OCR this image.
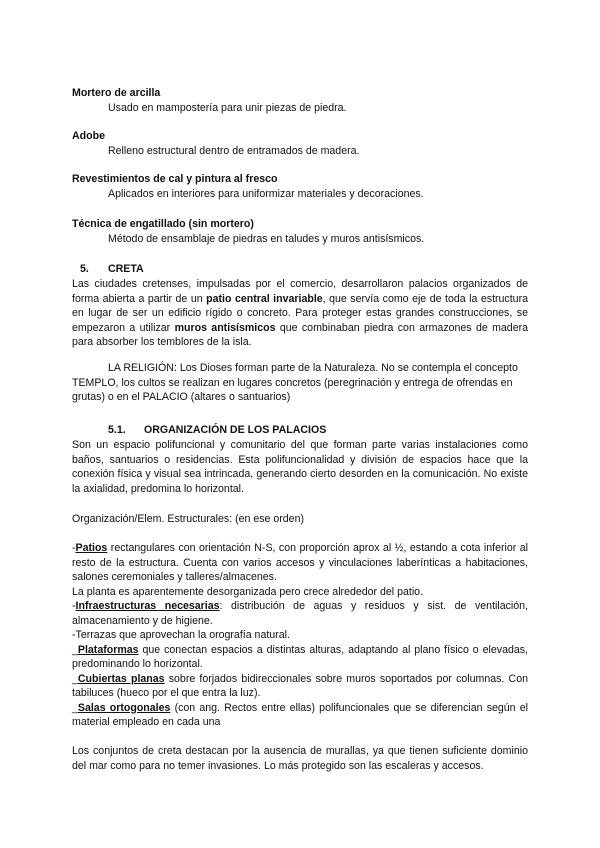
Mortero de arcilla
Usado en mampostería para unir piezas de piedra.
Adobe
Relleno estructural dentro de entramados de madera.
Revestimientos de cal y pintura al fresco
Aplicados en interiores para uniformizar materiales y decoraciones.
Técnica de engatillado (sin mortero)
Método de ensamblaje de piedras en taludes y muros antisísmicos.
5. CRETA

Las ciudades cretenses, impulsadas por el comercio, desarrollaron palacios organizados de forma abierta a partir de un patio central invariable, que servía como eje de toda la estructura en lugar de ser un edificio rígido o concreto. Para proteger estas grandes construcciones, se empezaron a utilizar muros antisísmicos que combinaban piedra con armazones de madera para absorber los temblores de la isla.

LA RELIGIÓN: Los Dioses forman parte de la Naturaleza. No se contempla el concepto TEMPLO, los cultos se realizan en lugares concretos (peregrinación y entrega de ofrendas en grutas) o en el PALACIO (altares o santuarios)
5.1. ORGANIZACIÓN DE LOS PALACIOS
Son un espacio polifuncional y comunitario del que forman parte varias instalaciones como baños, santuarios o residencias. Esta polifuncionalidad y división de espacios hace que la conexión física y visual sea intrincada, generando cierto desorden en la comunicación. No existe la axialidad, predomina lo horizontal.
Organización/Elem. Estructurales: (en ese orden)

-Patios rectangulares con orientación N-S, con proporción aprox al ½, estando a cota inferior al resto de la estructura. Cuenta con varios accesos y vinculaciones laberínticas a habitaciones, salones ceremoniales y talleres/almacenes.

La planta es aparentemente desorganizada pero crece alrededor del patio.

-Infraestructuras necesarias: distribución de aguas y residuos y sist. de ventilación, almacenamiento y de higiene.

-Terrazas que aprovechan la orografía natural.

_Plataformas que conectan espacios a distintas alturas, adaptando al plano físico o elevadas, predominando lo horizontal.

_Cubiertas planas sobre forjados bidireccionales sobre muros soportados por columnas. Con tabiluces (hueco por el que entra la luz).

_Salas ortogonales (con ang. Rectos entre ellas) polifuncionales que se diferencian según el material empleado en cada una

Los conjuntos de creta destacan por la ausencia de murallas, ya que tienen suficiente dominio del mar como para no temer invasiones. Lo más protegido son las escaleras y accesos.
